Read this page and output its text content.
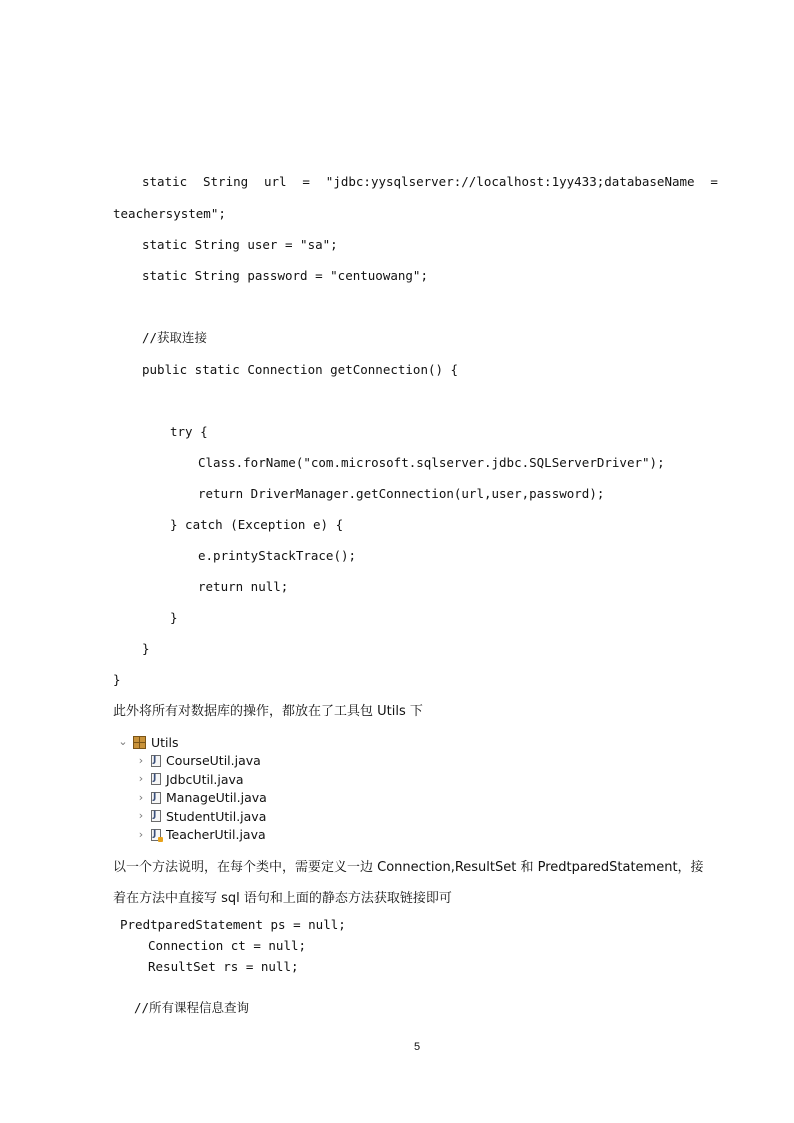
static String url = "jdbc:yysqlserver://localhost:1yy433;databaseName =
teachersystem";
static String user = "sa";
static String password = "centuowang";
//获取连接
public static Connection getConnection() {
try {
Class.forName("com.microsoft.sqlserver.jdbc.SQLServerDriver");
return DriverManager.getConnection(url,user,password);
} catch (Exception e) {
e.printyStackTrace();
return null;
}
}
}
此外将所有对数据库的操作，都放在了工具包 Utils 下
⌄ Utils
› J CourseUtil.java
› J JdbcUtil.java
› J ManageUtil.java
› J StudentUtil.java
› J TeacherUtil.java
以一个方法说明，在每个类中，需要定义一边 Connection,ResultSet 和 PredtparedStatement，接
着在方法中直接写 sql 语句和上面的静态方法获取链接即可
PredtparedStatement ps = null;
Connection ct = null;
ResultSet rs = null;
//所有课程信息查询
5
